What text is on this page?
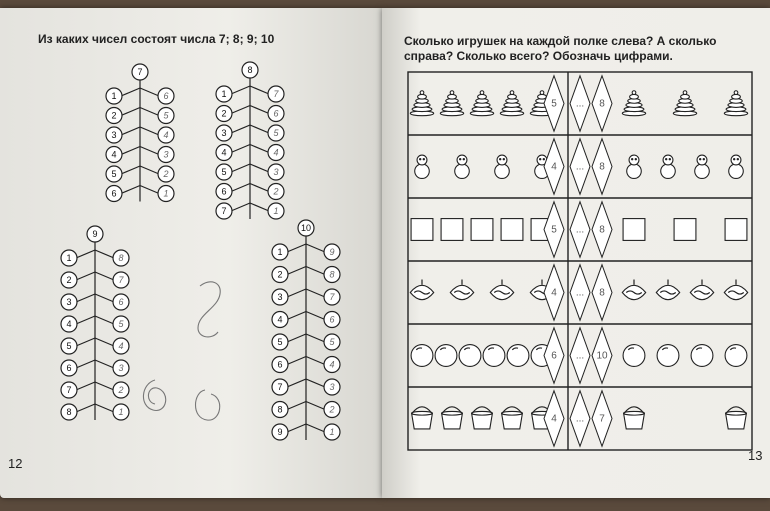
Из каких чисел состоят числа 7; 8; 9; 10
7
1	6
2	5
3	4
4	3
5	2
6	1
8
1	7
2	6
3	5
4	4
5	3
6	2
7	1
9
1	8
2	7
3	6
4	5
5	4
6	3
7	2
8	1
10
1	9
2	8
3	7
4	6
5	5
6	4
7	3
8	2
9	1
12
Сколько игрушек на каждой полке слева? А сколько
справа? Сколько всего? Обозначь цифрами.
5 ... 8
4 ... 8
5 ... 8
4 ... 8
6 ... 10
4 ... 7
13
